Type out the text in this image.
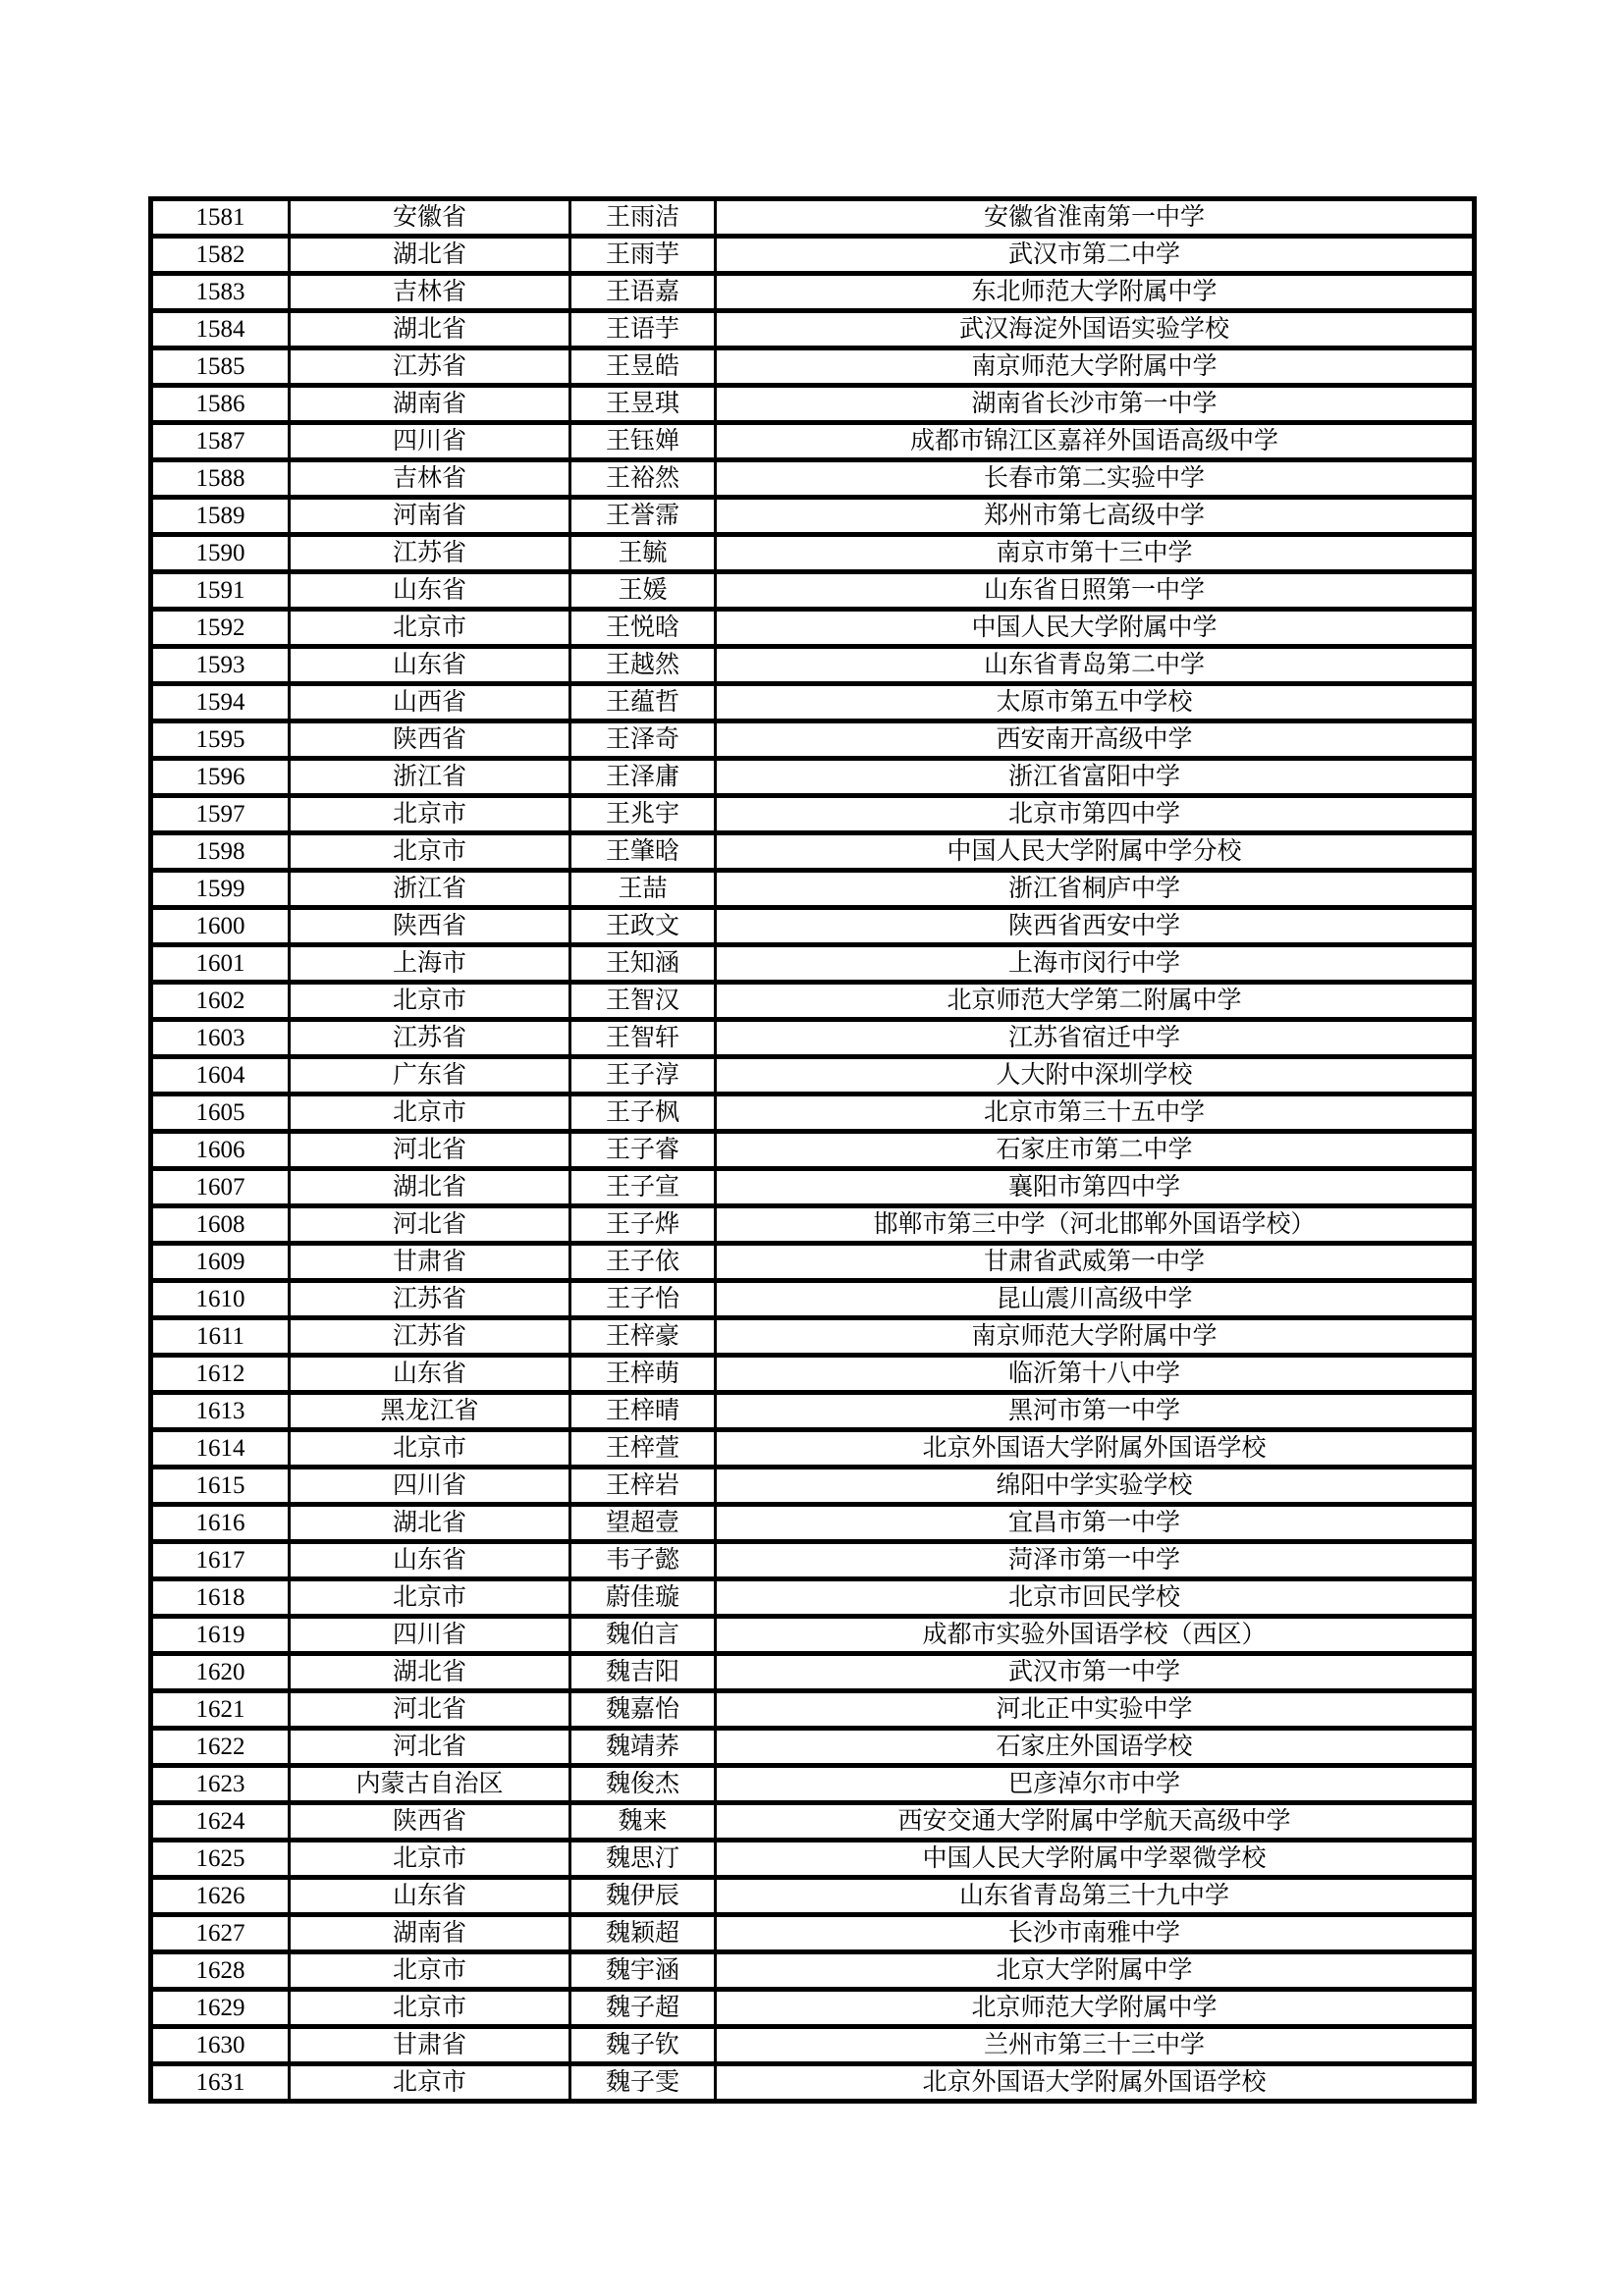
1581	安徽省	王雨洁	安徽省淮南第一中学
1582	湖北省	王雨芋	武汉市第二中学
1583	吉林省	王语嘉	东北师范大学附属中学
1584	湖北省	王语芋	武汉海淀外国语实验学校
1585	江苏省	王昱皓	南京师范大学附属中学
1586	湖南省	王昱琪	湖南省长沙市第一中学
1587	四川省	王钰婵	成都市锦江区嘉祥外国语高级中学
1588	吉林省	王裕然	长春市第二实验中学
1589	河南省	王誉霈	郑州市第七高级中学
1590	江苏省	王毓	南京市第十三中学
1591	山东省	王媛	山东省日照第一中学
1592	北京市	王悦晗	中国人民大学附属中学
1593	山东省	王越然	山东省青岛第二中学
1594	山西省	王蕴哲	太原市第五中学校
1595	陕西省	王泽奇	西安南开高级中学
1596	浙江省	王泽庸	浙江省富阳中学
1597	北京市	王兆宇	北京市第四中学
1598	北京市	王肇晗	中国人民大学附属中学分校
1599	浙江省	王喆	浙江省桐庐中学
1600	陕西省	王政文	陕西省西安中学
1601	上海市	王知涵	上海市闵行中学
1602	北京市	王智汉	北京师范大学第二附属中学
1603	江苏省	王智轩	江苏省宿迁中学
1604	广东省	王子淳	人大附中深圳学校
1605	北京市	王子枫	北京市第三十五中学
1606	河北省	王子睿	石家庄市第二中学
1607	湖北省	王子宣	襄阳市第四中学
1608	河北省	王子烨	邯郸市第三中学（河北邯郸外国语学校）
1609	甘肃省	王子依	甘肃省武威第一中学
1610	江苏省	王子怡	昆山震川高级中学
1611	江苏省	王梓豪	南京师范大学附属中学
1612	山东省	王梓萌	临沂第十八中学
1613	黑龙江省	王梓晴	黑河市第一中学
1614	北京市	王梓萱	北京外国语大学附属外国语学校
1615	四川省	王梓岩	绵阳中学实验学校
1616	湖北省	望超壹	宜昌市第一中学
1617	山东省	韦子懿	菏泽市第一中学
1618	北京市	蔚佳璇	北京市回民学校
1619	四川省	魏伯言	成都市实验外国语学校（西区）
1620	湖北省	魏吉阳	武汉市第一中学
1621	河北省	魏嘉怡	河北正中实验中学
1622	河北省	魏靖荞	石家庄外国语学校
1623	内蒙古自治区	魏俊杰	巴彦淖尔市中学
1624	陕西省	魏来	西安交通大学附属中学航天高级中学
1625	北京市	魏思汀	中国人民大学附属中学翠微学校
1626	山东省	魏伊辰	山东省青岛第三十九中学
1627	湖南省	魏颖超	长沙市南雅中学
1628	北京市	魏宇涵	北京大学附属中学
1629	北京市	魏子超	北京师范大学附属中学
1630	甘肃省	魏子钦	兰州市第三十三中学
1631	北京市	魏子雯	北京外国语大学附属外国语学校
